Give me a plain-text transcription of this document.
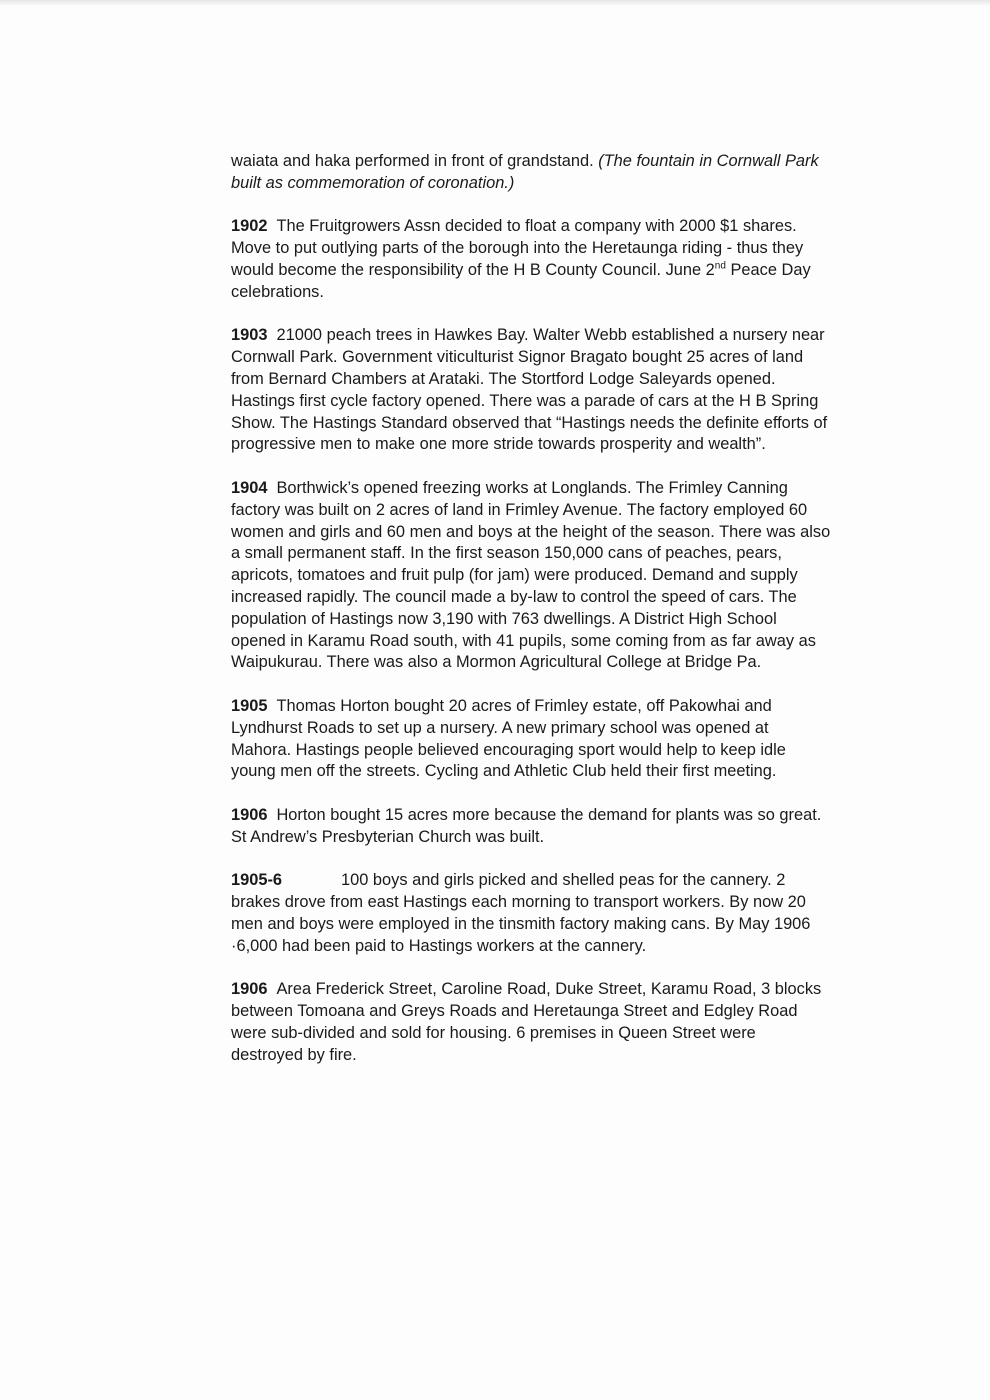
waiata and haka performed in front of grandstand. (The fountain in Cornwall Park built as commemoration of coronation.)

1902 The Fruitgrowers Assn decided to float a company with 2000 $1 shares. Move to put outlying parts of the borough into the Heretaunga riding - thus they would become the responsibility of the H B County Council. June 2nd Peace Day celebrations.

1903 21000 peach trees in Hawkes Bay. Walter Webb established a nursery near Cornwall Park. Government viticulturist Signor Bragato bought 25 acres of land from Bernard Chambers at Arataki. The Stortford Lodge Saleyards opened. Hastings first cycle factory opened. There was a parade of cars at the H B Spring Show. The Hastings Standard observed that “Hastings needs the definite efforts of progressive men to make one more stride towards prosperity and wealth”.

1904 Borthwick’s opened freezing works at Longlands. The Frimley Canning factory was built on 2 acres of land in Frimley Avenue. The factory employed 60 women and girls and 60 men and boys at the height of the season. There was also a small permanent staff. In the first season 150,000 cans of peaches, pears, apricots, tomatoes and fruit pulp (for jam) were produced. Demand and supply increased rapidly. The council made a by-law to control the speed of cars. The population of Hastings now 3,190 with 763 dwellings. A District High School opened in Karamu Road south, with 41 pupils, some coming from as far away as Waipukurau. There was also a Mormon Agricultural College at Bridge Pa.

1905 Thomas Horton bought 20 acres of Frimley estate, off Pakowhai and Lyndhurst Roads to set up a nursery. A new primary school was opened at Mahora. Hastings people believed encouraging sport would help to keep idle young men off the streets. Cycling and Athletic Club held their first meeting.

1906 Horton bought 15 acres more because the demand for plants was so great. St Andrew’s Presbyterian Church was built.

1905-6	100 boys and girls picked and shelled peas for the cannery. 2 brakes drove from east Hastings each morning to transport workers. By now 20 men and boys were employed in the tinsmith factory making cans. By May 1906 ·6,000 had been paid to Hastings workers at the cannery.

1906 Area Frederick Street, Caroline Road, Duke Street, Karamu Road, 3 blocks between Tomoana and Greys Roads and Heretaunga Street and Edgley Road were sub-divided and sold for housing. 6 premises in Queen Street were destroyed by fire.
